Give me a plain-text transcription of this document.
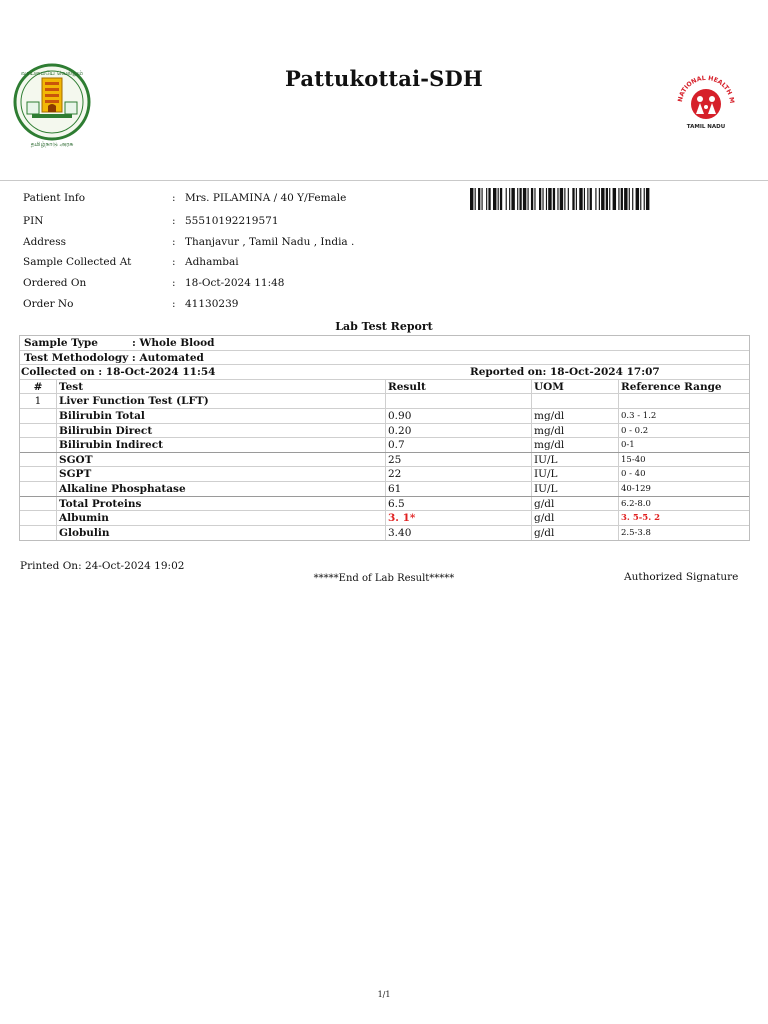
வாய்மையே வெல்லும்
தமிழ்நாடு அரசு
Pattukottai-SDH
NATIONAL HEALTH M
TAMIL NADU
Patient Info	: Mrs. PILAMINA / 40 Y/Female
PIN	: 55510192219571
Address	: Thanjavur , Tamil Nadu , India .
Sample Collected At	: Adhambai
Ordered On	: 18-Oct-2024 11:48
Order No	: 41130239
Lab Test Report
Sample Type	: Whole Blood
Test Methodology : Automated
Collected on : 18-Oct-2024 11:54	Reported on: 18-Oct-2024 17:07
#	Test	Result	UOM	Reference Range
1	Liver Function Test (LFT)
Bilirubin Total	0.90	mg/dl	0.3 - 1.2
Bilirubin Direct	0.20	mg/dl	0 - 0.2
Bilirubin Indirect	0.7	mg/dl	0-1
SGOT	25	IU/L	15-40
SGPT	22	IU/L	0 - 40
Alkaline Phosphatase	61	IU/L	40-129
Total Proteins	6.5	g/dl	6.2-8.0
Albumin	3. 1*	g/dl	3. 5-5. 2
Globulin	3.40	g/dl	2.5-3.8
Printed On: 24-Oct-2024 19:02
*****End of Lab Result*****	Authorized Signature
1/1
